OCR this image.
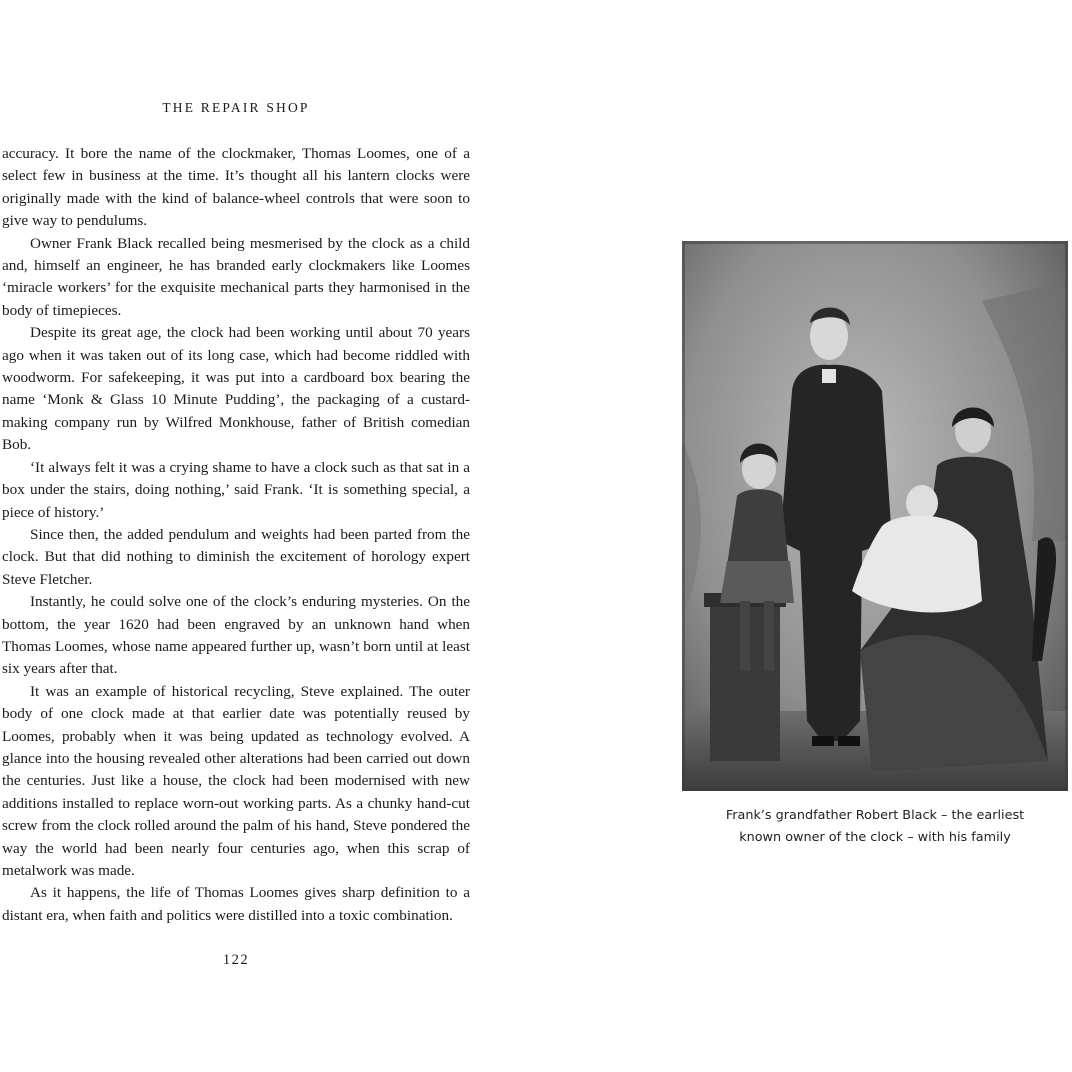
THE REPAIR SHOP

accuracy. It bore the name of the clockmaker, Thomas Loomes, one of a select few in business at the time. It’s thought all his lantern clocks were originally made with the kind of balance-wheel controls that were soon to give way to pendulums.

Owner Frank Black recalled being mesmerised by the clock as a child and, himself an engineer, he has branded early clockmakers like Loomes ‘miracle workers’ for the exquisite mechanical parts they harmonised in the body of timepieces.

Despite its great age, the clock had been working until about 70 years ago when it was taken out of its long case, which had become riddled with woodworm. For safekeeping, it was put into a cardboard box bearing the name ‘Monk & Glass 10 Minute Pudding’, the packaging of a custard-making company run by Wilfred Monkhouse, father of British comedian Bob.

‘It always felt it was a crying shame to have a clock such as that sat in a box under the stairs, doing nothing,’ said Frank. ‘It is something special, a piece of history.’

Since then, the added pendulum and weights had been parted from the clock. But that did nothing to diminish the excitement of horology expert Steve Fletcher.

Instantly, he could solve one of the clock’s enduring mysteries. On the bottom, the year 1620 had been engraved by an unknown hand when Thomas Loomes, whose name appeared further up, wasn’t born until at least six years after that.

It was an example of historical recycling, Steve explained. The outer body of one clock made at that earlier date was potentially reused by Loomes, probably when it was being updated as technology evolved. A glance into the housing revealed other alterations had been carried out down the centuries. Just like a house, the clock had been modernised with new additions installed to replace worn-out working parts. As a chunky hand-cut screw from the clock rolled around the palm of his hand, Steve pondered the way the world had been nearly four centuries ago, when this scrap of metalwork was made.

As it happens, the life of Thomas Loomes gives sharp definition to a distant era, when faith and politics were distilled into a toxic combination.

122
Frank’s grandfather Robert Black – the earliest
known owner of the clock – with his family
